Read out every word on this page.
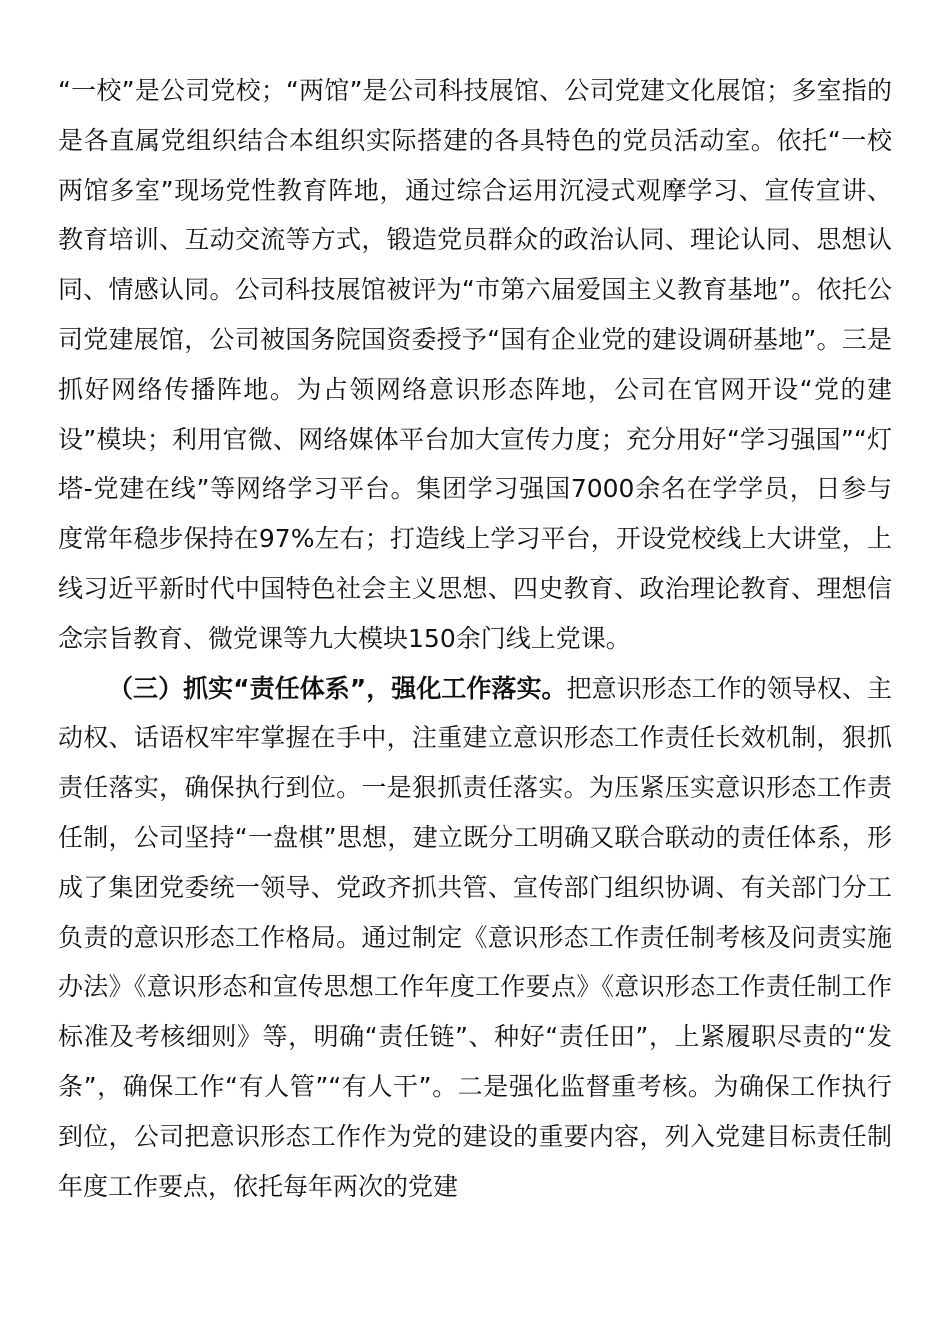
“一校”是公司党校；“两馆”是公司科技展馆、公司党建文化展馆；多室指的是各直属党组织结合本组织实际搭建的各具特色的党员活动室。依托“一校两馆多室”现场党性教育阵地，通过综合运用沉浸式观摩学习、宣传宣讲、教育培训、互动交流等方式，锻造党员群众的政治认同、理论认同、思想认同、情感认同。公司科技展馆被评为“市第六届爱国主义教育基地”。依托公司党建展馆，公司被国务院国资委授予“国有企业党的建设调研基地”。三是抓好网络传播阵地。为占领网络意识形态阵地，公司在官网开设“党的建设”模块；利用官微、网络媒体平台加大宣传力度；充分用好“学习强国”“灯塔-党建在线”等网络学习平台。集团学习强国7000余名在学学员，日参与度常年稳步保持在97%左右；打造线上学习平台，开设党校线上大讲堂，上线习近平新时代中国特色社会主义思想、四史教育、政治理论教育、理想信念宗旨教育、微党课等九大模块150余门线上党课。

（三）抓实“责任体系”，强化工作落实。把意识形态工作的领导权、主动权、话语权牢牢掌握在手中，注重建立意识形态工作责任长效机制，狠抓责任落实，确保执行到位。一是狠抓责任落实。为压紧压实意识形态工作责任制，公司坚持“一盘棋”思想，建立既分工明确又联合联动的责任体系，形成了集团党委统一领导、党政齐抓共管、宣传部门组织协调、有关部门分工负责的意识形态工作格局。通过制定《意识形态工作责任制考核及问责实施办法》《意识形态和宣传思想工作年度工作要点》《意识形态工作责任制工作标准及考核细则》等，明确“责任链”、种好“责任田”，上紧履职尽责的“发条”，确保工作“有人管”“有人干”。二是强化监督重考核。为确保工作执行到位，公司把意识形态工作作为党的建设的重要内容，列入党建目标责任制年度工作要点，依托每年两次的党建
